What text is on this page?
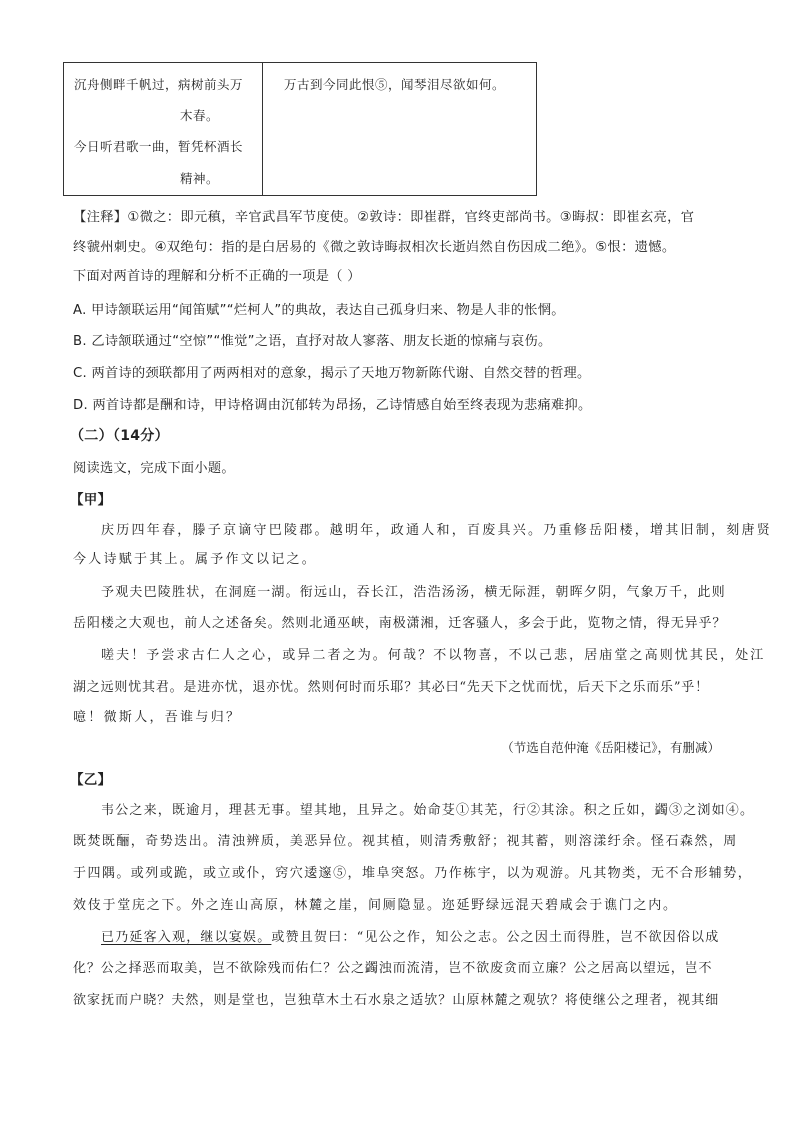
沉舟侧畔千帆过，病树前头万
木春。
今日听君歌一曲，暂凭杯酒长
精神。
万古到今同此恨⑤，闻琴泪尽欲如何。
【注释】①微之：即元稹，辛官武昌军节度使。②敦诗：即崔群，官终吏部尚书。③晦叔：即崔玄亮，官
终虢州刺史。④双绝句：指的是白居易的《微之敦诗晦叔相次长逝岿然自伤因成二绝》。⑤恨：遗憾。
下面对两首诗的理解和分析不正确的一项是（ ）
A. 甲诗颔联运用“闻笛赋”“烂柯人”的典故，表达自己孤身归来、物是人非的怅惘。
B. 乙诗颔联通过“空惊”“惟觉”之语，直抒对故人寥落、朋友长逝的惊痛与哀伤。
C. 两首诗的颈联都用了两两相对的意象，揭示了天地万物新陈代谢、自然交替的哲理。
D. 两首诗都是酬和诗，甲诗格调由沉郁转为昂扬，乙诗情感自始至终表现为悲痛难抑。
（二）（14分）
阅读选文，完成下面小题。
【甲】
庆历四年春，滕子京谪守巴陵郡。越明年，政通人和，百废具兴。乃重修岳阳楼，增其旧制，刻唐贤
今人诗赋于其上。属予作文以记之。
予观夫巴陵胜状，在洞庭一湖。衔远山，吞长江，浩浩汤汤，横无际涯，朝晖夕阴，气象万千，此则
岳阳楼之大观也，前人之述备矣。然则北通巫峡，南极潇湘，迁客骚人，多会于此，览物之情，得无异乎？
嗟夫！予尝求古仁人之心，或异二者之为。何哉？不以物喜，不以己悲，居庙堂之高则忧其民，处江
湖之远则忧其君。是进亦忧，退亦忧。然则何时而乐耶？其必曰“先天下之忧而忧，后天下之乐而乐”乎！
噫！微斯人，吾谁与归？
（节选自范仲淹《岳阳楼记》，有删减）
【乙】
韦公之来，既逾月，理甚无事。望其地，且异之。始命芟①其芜，行②其涂。积之丘如，蠲③之浏如④。
既焚既酾，奇势迭出。清浊辨质，美恶异位。视其植，则清秀敷舒；视其蓄，则溶漾纡余。怪石森然，周
于四隅。或列或跪，或立或仆，窍穴逶邃⑤，堆阜突怒。乃作栋宇，以为观游。凡其物类，无不合形辅势，
效伎于堂庑之下。外之连山高原，林麓之崖，间厕隐显。迩延野绿远混天碧咸会于谯门之内。
已乃延客入观，继以宴娱。或赞且贺曰：“见公之作，知公之志。公之因土而得胜，岂不欲因俗以成
化？公之择恶而取美，岂不欲除残而佑仁？公之蠲浊而流清，岂不欲废贪而立廉？公之居高以望远，岂不
欲家抚而户晓？夫然，则是堂也，岂独草木土石水泉之适欤？山原林麓之观欤？将使继公之理者，视其细
